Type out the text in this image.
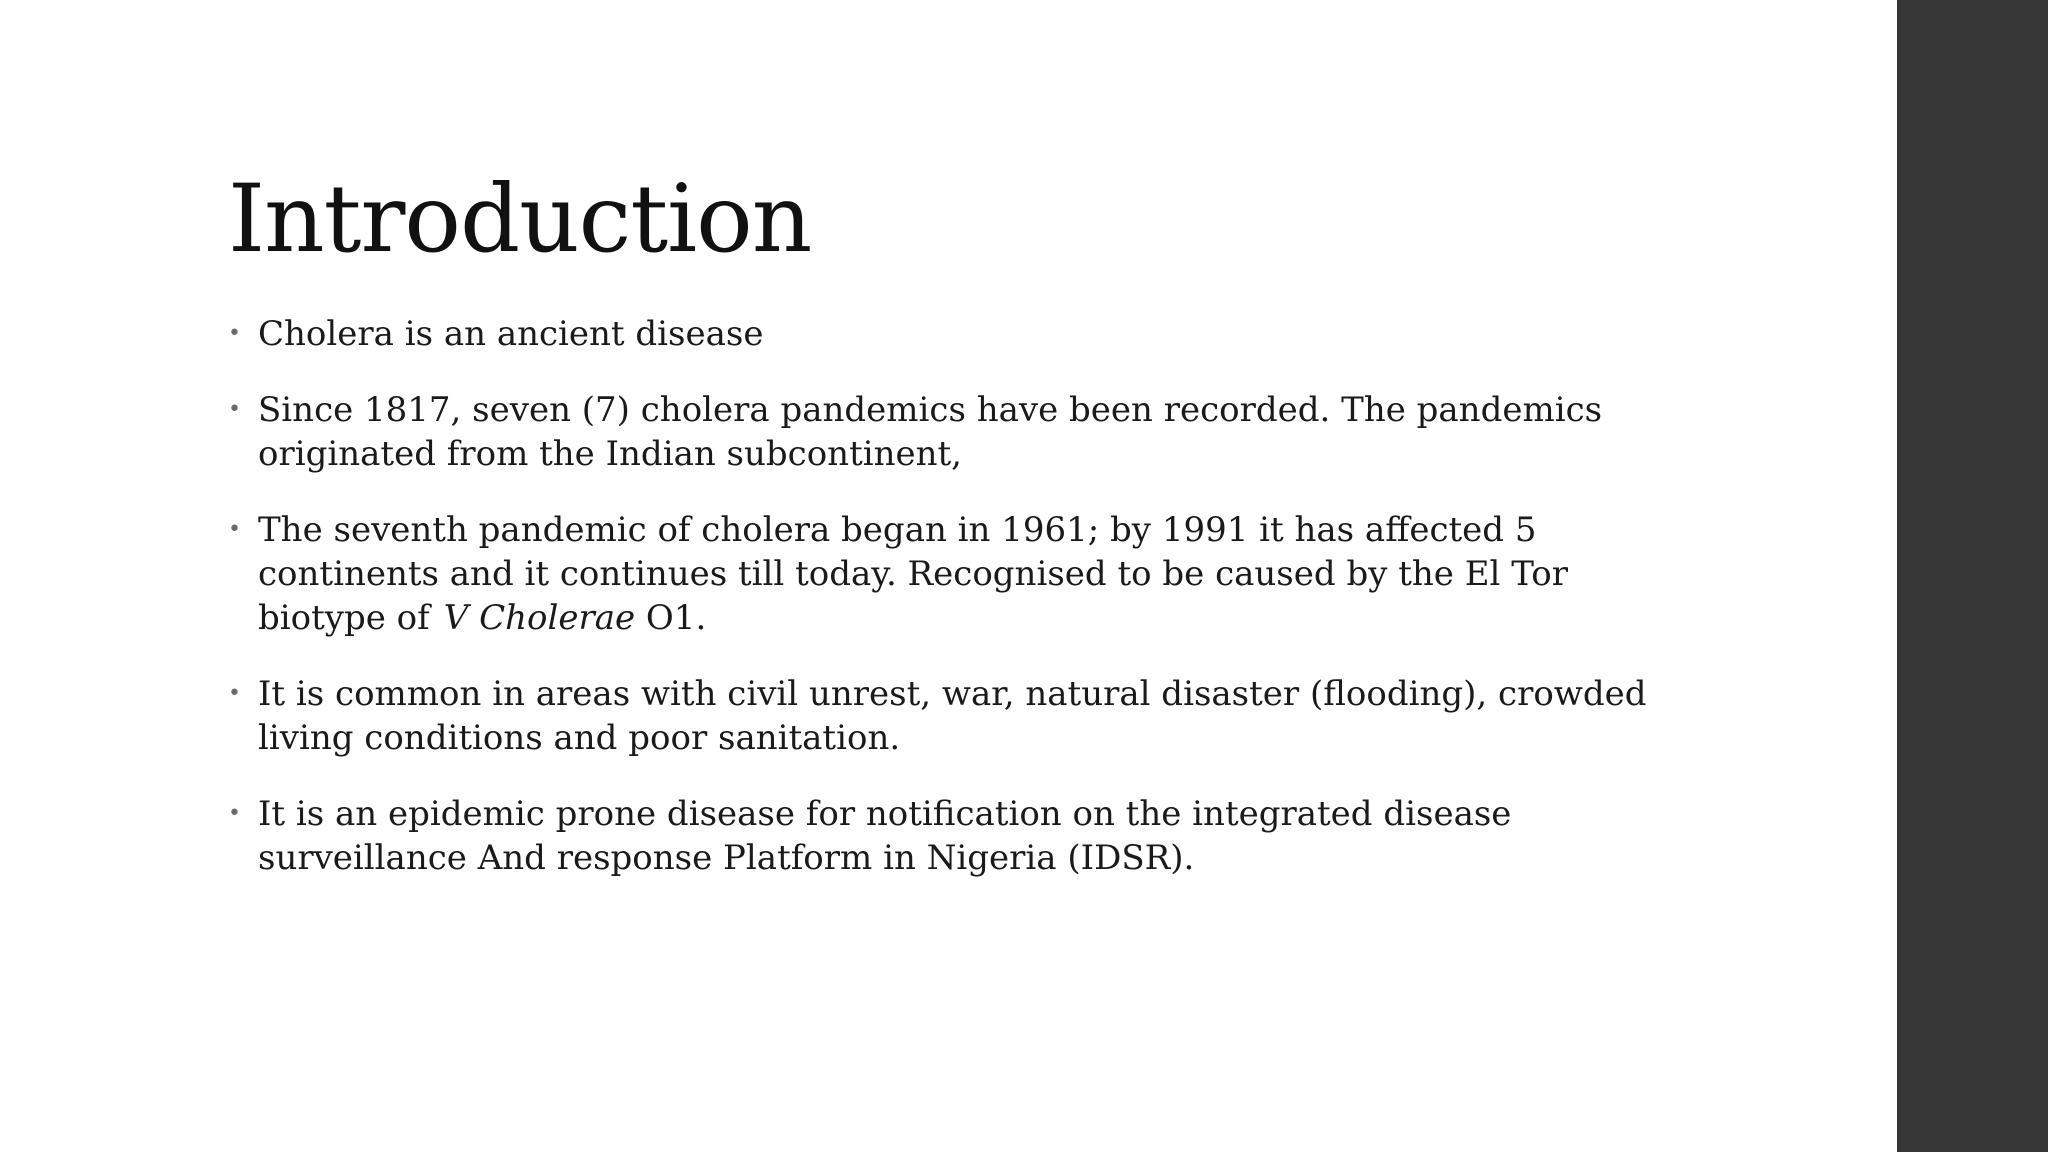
Introduction
• Cholera is an ancient disease
• Since 1817, seven (7) cholera pandemics have been recorded. The pandemics originated from the Indian subcontinent,
• The seventh pandemic of cholera began in 1961; by 1991 it has affected 5 continents and it continues till today. Recognised to be caused by the El Tor biotype of V Cholerae O1.
• It is common in areas with civil unrest, war, natural disaster (flooding), crowded living conditions and poor sanitation.
• It is an epidemic prone disease for notification on the integrated disease surveillance And response Platform in Nigeria (IDSR).
